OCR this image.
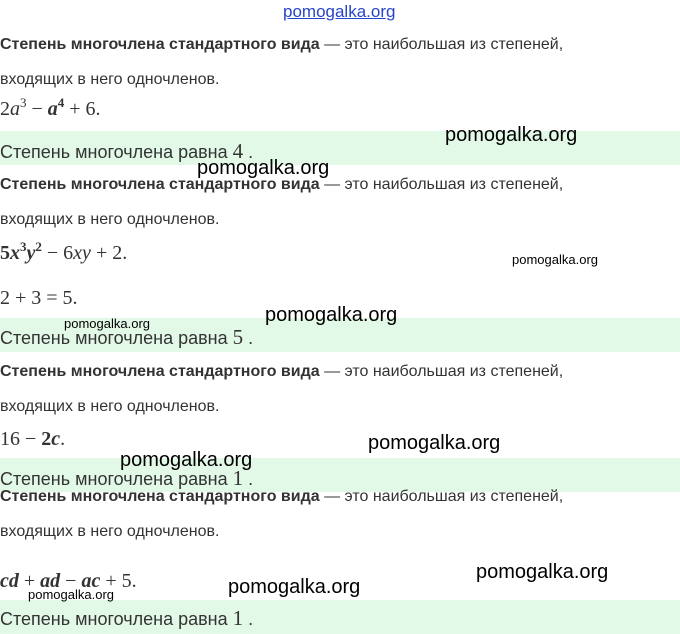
pomogalka.org
Степень многочлена стандартного вида — это наибольшая из степеней,
входящих в него одночленов.
$2a^3 - a^4 + 6$.
Степень многочлена равна 4 .
Степень многочлена стандартного вида — это наибольшая из степеней,
входящих в него одночленов.
$5x^3y^2 - 6xy + 2$.
2 + 3 = 5.
Степень многочлена равна 5 .
Степень многочлена стандартного вида — это наибольшая из степеней,
входящих в него одночленов.
16 − 2c.
Степень многочлена равна 1 .
Степень многочлена стандартного вида — это наибольшая из степеней,
входящих в него одночленов.
cd + ad − ac + 5.
Степень многочлена равна 1 .
pomogalka.org
pomogalka.org
pomogalka.org
pomogalka.org
pomogalka.org
pomogalka.org
pomogalka.org
pomogalka.org
pomogalka.org
pomogalka.org
